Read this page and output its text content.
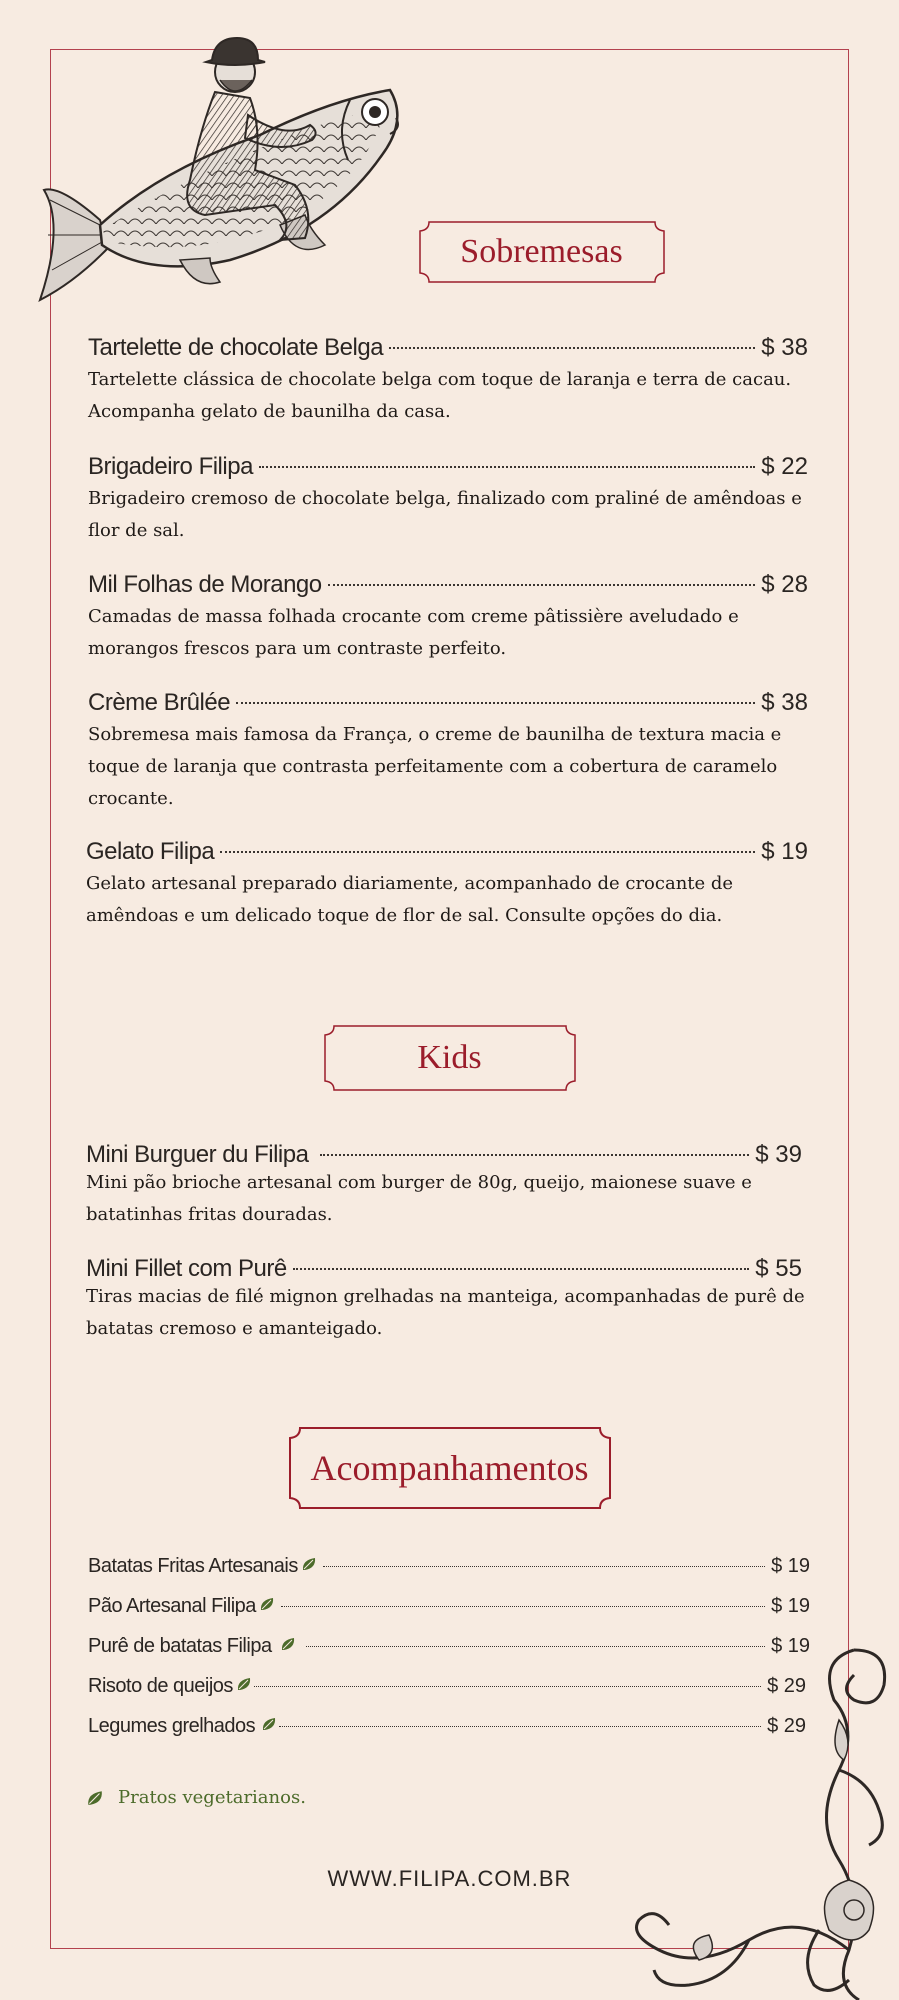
Sobremesas
Tartelette de chocolate Belga	$ 38
Tartelette clássica de chocolate belga com toque de laranja e terra de cacau. Acompanha gelato de baunilha da casa.
Brigadeiro Filipa	$ 22
Brigadeiro cremoso de chocolate belga, finalizado com praliné de amêndoas e flor de sal.
Mil Folhas de Morango	$ 28
Camadas de massa folhada crocante com creme pâtissière aveludado e morangos frescos para um contraste perfeito.
Crème Brûlée	$ 38
Sobremesa mais famosa da França, o creme de baunilha de textura macia e toque de laranja que contrasta perfeitamente com a cobertura de caramelo crocante.
Gelato Filipa	$ 19
Gelato artesanal preparado diariamente, acompanhado de crocante de amêndoas e um delicado toque de flor de sal. Consulte opções do dia.
Kids
Mini Burguer du Filipa	$ 39
Mini pão brioche artesanal com burger de 80g, queijo, maionese suave e batatinhas fritas douradas.
Mini Fillet com Purê	$ 55
Tiras macias de filé mignon grelhadas na manteiga, acompanhadas de purê de batatas cremoso e amanteigado.
Acompanhamentos
Batatas Fritas Artesanais	$ 19
Pão Artesanal Filipa	$ 19
Purê de batatas Filipa	$ 19
Risoto de queijos	$ 29
Legumes grelhados	$ 29
Pratos vegetarianos.
WWW.FILIPA.COM.BR
